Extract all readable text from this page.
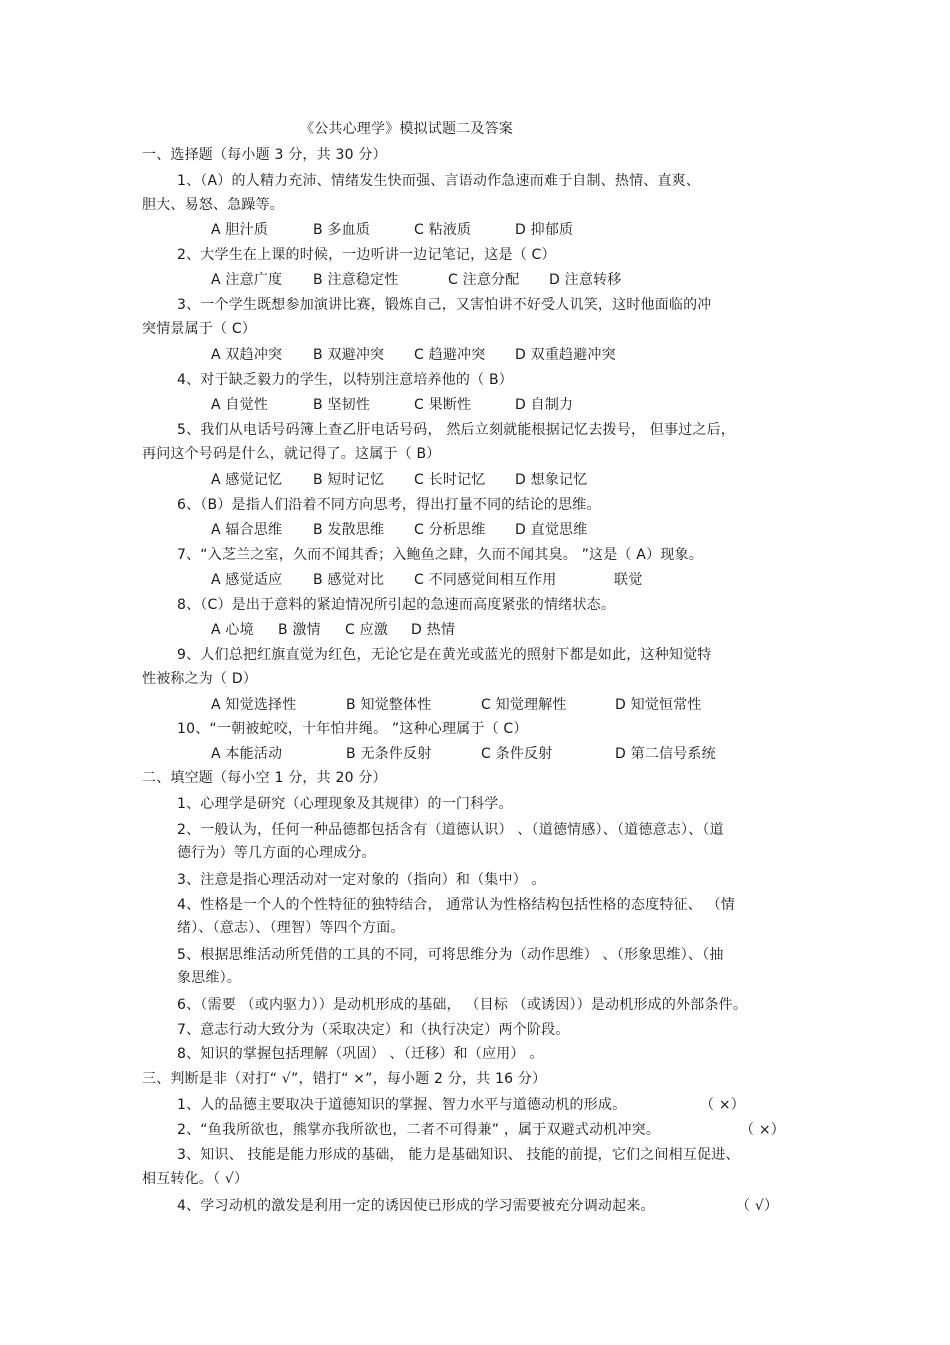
《公共心理学》模拟试题二及答案
一、选择题（每小题 3 分，共 30 分）
1、（A）的人精力充沛、情绪发生快而强、言语动作急速而难于自制、热情、直爽、
胆大、易怒、急躁等。
A 胆汁质	B 多血质	C 粘液质	D 抑郁质
2、大学生在上课的时候，一边听讲一边记笔记，这是（ C）
A 注意广度 B 注意稳定性	C 注意分配 D 注意转移
3、一个学生既想参加演讲比赛，锻炼自己，又害怕讲不好受人讥笑，这时他面临的冲
突情景属于（ C）
A 双趋冲突 B 双避冲突 C 趋避冲突 D 双重趋避冲突
4、对于缺乏毅力的学生，以特别注意培养他的（ B）
A 自觉性	B 坚韧性	C 果断性	D 自制力
5、我们从电话号码簿上查乙肝电话号码， 然后立刻就能根据记忆去拨号， 但事过之后，
再问这个号码是什么，就记得了。这属于（ B）
A 感觉记忆 B 短时记忆 C 长时记忆 D 想象记忆
6、（B）是指人们沿着不同方向思考，得出打量不同的结论的思维。
A 辐合思维 B 发散思维 C 分析思维 D 直觉思维
7、“入芝兰之室，久而不闻其香；入鲍鱼之肆，久而不闻其臭。 ”这是（ A）现象。
A 感觉适应 B 感觉对比 C 不同感觉间相互作用	联觉
8、（C）是出于意料的紧迫情况所引起的急速而高度紧张的情绪状态。
A 心境 B 激情 C 应激 D 热情
9、人们总把红旗直觉为红色，无论它是在黄光或蓝光的照射下都是如此，这种知觉特
性被称之为（ D）
A 知觉选择性	B 知觉整体性	C 知觉理解性	D 知觉恒常性
10、“一朝被蛇咬，十年怕井绳。 ”这种心理属于（ C）
A 本能活动	B 无条件反射	C 条件反射	D 第二信号系统
二、填空题（每小空 1 分，共 20 分）
1、心理学是研究（心理现象及其规律）的一门科学。
2、一般认为，任何一种品德都包括含有（道德认识） 、（道德情感）、（道德意志）、（道
德行为）等几方面的心理成分。
3、注意是指心理活动对一定对象的（指向）和（集中） 。
4、性格是一个人的个性特征的独特结合， 通常认为性格结构包括性格的态度特征、 （情
绪）、（意志）、（理智）等四个方面。
5、根据思维活动所凭借的工具的不同，可将思维分为（动作思维） 、（形象思维）、（抽
象思维）。
6、（需要 （或内驱力））是动机形成的基础， （目标 （或诱因））是动机形成的外部条件。
7、意志行动大致分为（采取决定）和（执行决定）两个阶段。
8、知识的掌握包括理解（巩固） 、（迁移）和（应用） 。
三、判断是非（对打“ √”，错打“ ×”，每小题 2 分，共 16 分）
1、人的品德主要取决于道德知识的掌握、智力水平与道德动机的形成。	（ ×）
2、“鱼我所欲也，熊掌亦我所欲也，二者不可得兼” ，属于双避式动机冲突。	（ ×）
3、知识、 技能是能力形成的基础， 能力是基础知识、 技能的前提，它们之间相互促进、
相互转化。（ √）
4、学习动机的激发是利用一定的诱因使已形成的学习需要被充分调动起来。	（ √）
